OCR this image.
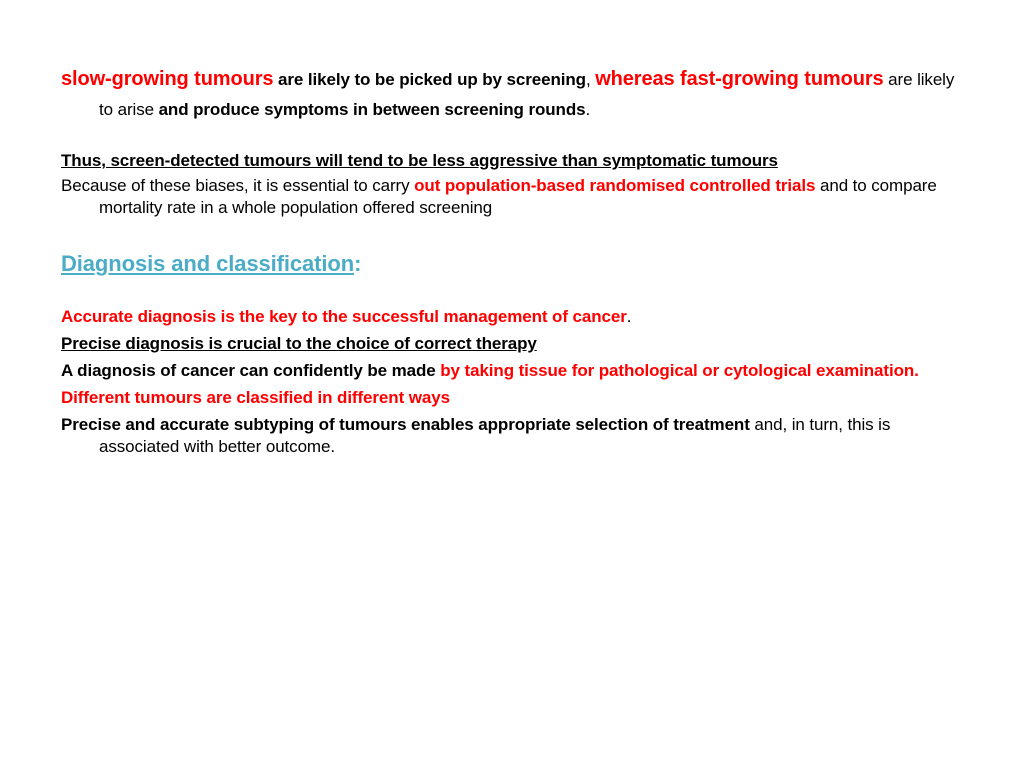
slow-growing tumours are likely to be picked up by screening, whereas fast-growing tumours are likely to arise and produce symptoms in between screening rounds.

Thus, screen-detected tumours will tend to be less aggressive than symptomatic tumours

Because of these biases, it is essential to carry out population-based randomised controlled trials and to compare mortality rate in a whole population offered screening

Diagnosis and classification:

Accurate diagnosis is the key to the successful management of cancer.

Precise diagnosis is crucial to the choice of correct therapy

A diagnosis of cancer can confidently be made by taking tissue for pathological or cytological examination.

Different tumours are classified in different ways

Precise and accurate subtyping of tumours enables appropriate selection of treatment and, in turn, this is associated with better outcome.
